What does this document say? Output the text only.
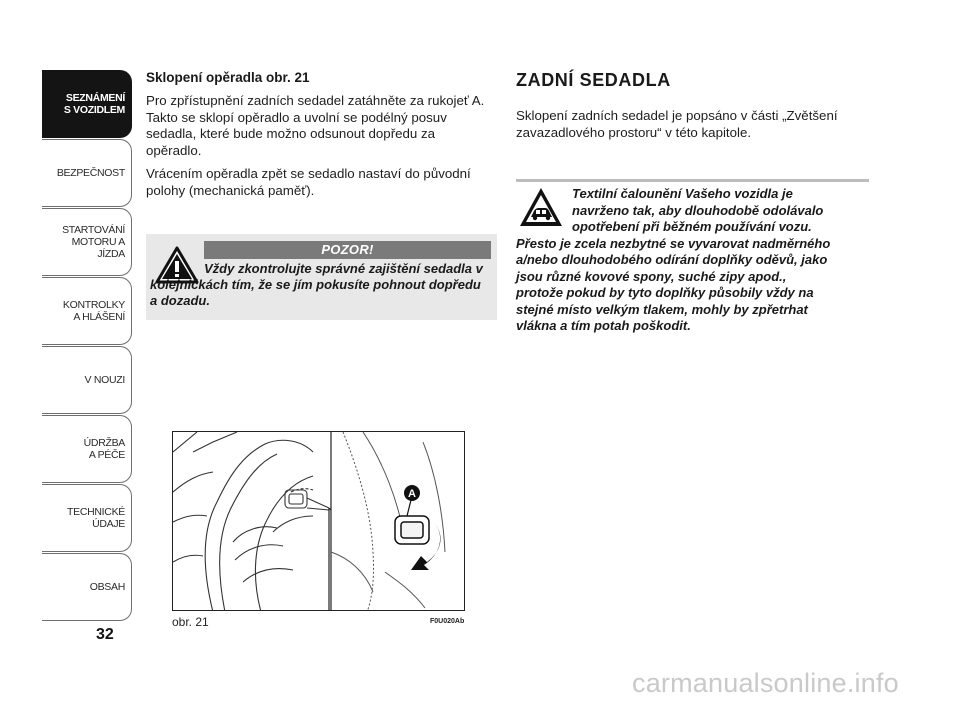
SEZNÁMENÍ
S VOZIDLEM
BEZPEČNOST
STARTOVÁNÍ
MOTORU A JÍZDA
KONTROLKY
A HLÁŠENÍ
V NOUZI
ÚDRŽBA
A PÉČE
TECHNICKÉ
ÚDAJE
OBSAH
32
Sklopení opěradla obr. 21
Pro zpřístupnění zadních sedadel zatáhněte za rukojeť A. Takto se sklopí opěradlo a uvolní se podélný posuv sedadla, které bude možno odsunout dopředu za opěradlo.
Vrácením opěradla zpět se sedadlo nastaví do původní polohy (mechanická paměť).
POZOR!
Vždy zkontrolujte správné zajištění sedadla v kolejničkách tím, že se jím pokusíte pohnout dopředu a dozadu.
A
obr. 21	F0U020Ab
ZADNÍ SEDADLA
Sklopení zadních sedadel je popsáno v části „Zvětšení zavazadlového prostoru“ v této kapitole.
Textilní čalounění Vašeho vozidla je
navrženo tak, aby dlouhodobě odolávalo
opotřebení při běžném používání vozu.
Přesto je zcela nezbytné se vyvarovat nadměrného
a/nebo dlouhodobého odírání doplňky oděvů, jako
jsou různé kovové spony, suché zipy apod.,
protože pokud by tyto doplňky působily vždy na
stejné místo velkým tlakem, mohly by zpřetrhat
vlákna a tím potah poškodit.
carmanualsonline.info
